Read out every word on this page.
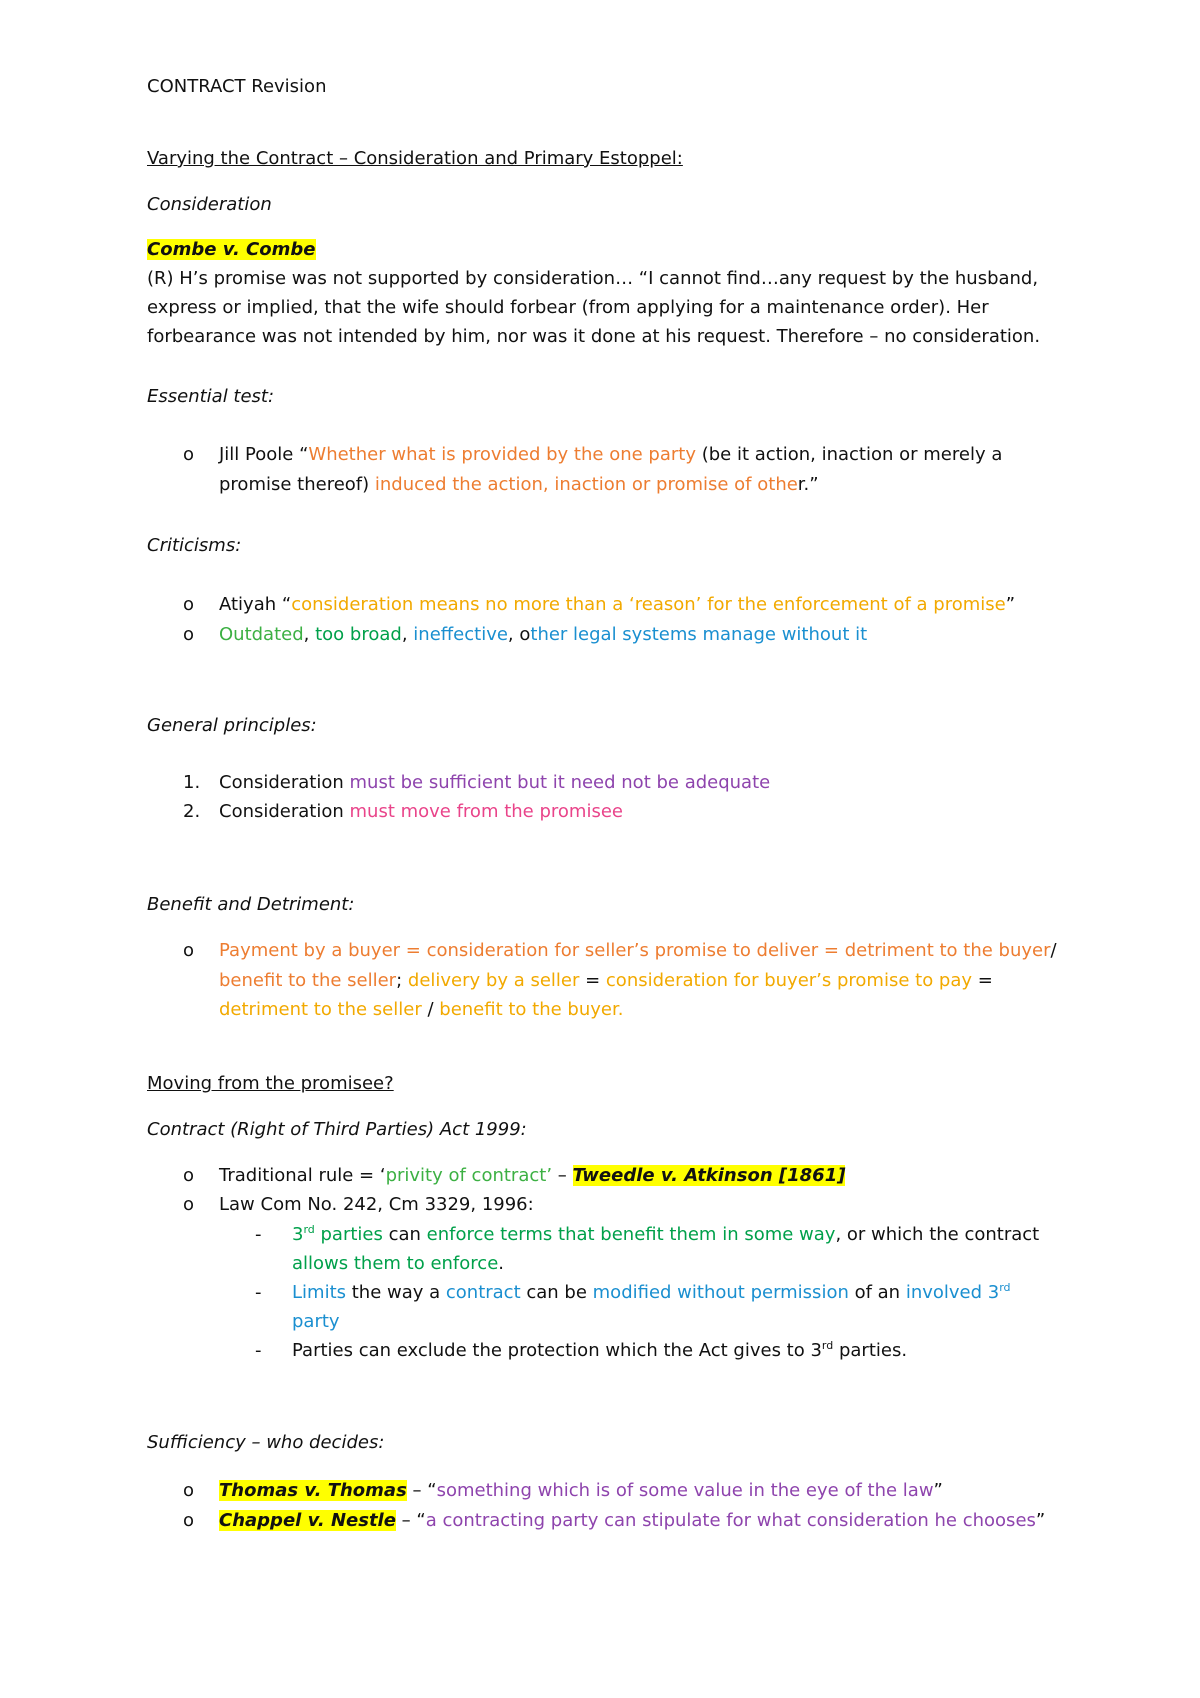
CONTRACT Revision
Varying the Contract – Consideration and Primary Estoppel:
Consideration
Combe v. Combe
(R) H’s promise was not supported by consideration… “I cannot find…any request by the husband,
express or implied, that the wife should forbear (from applying for a maintenance order). Her
forbearance was not intended by him, nor was it done at his request. Therefore – no consideration.
Essential test:
o Jill Poole “Whether what is provided by the one party (be it action, inaction or merely a
promise thereof) induced the action, inaction or promise of other.”
Criticisms:
o Atiyah “consideration means no more than a ‘reason’ for the enforcement of a promise”
o Outdated, too broad, ineffective, other legal systems manage without it
General principles:
1. Consideration must be sufficient but it need not be adequate
2. Consideration must move from the promisee
Benefit and Detriment:
o Payment by a buyer = consideration for seller’s promise to deliver = detriment to the buyer/
benefit to the seller; delivery by a seller = consideration for buyer’s promise to pay =
detriment to the seller / benefit to the buyer.
Moving from the promisee?
Contract (Right of Third Parties) Act 1999:
o Traditional rule = ‘privity of contract’ – Tweedle v. Atkinson [1861]
o Law Com No. 242, Cm 3329, 1996:
- 3rd parties can enforce terms that benefit them in some way, or which the contract
allows them to enforce.
- Limits the way a contract can be modified without permission of an involved 3rd
party
- Parties can exclude the protection which the Act gives to 3rd parties.
Sufficiency – who decides:
o Thomas v. Thomas – “something which is of some value in the eye of the law”
o Chappel v. Nestle – “a contracting party can stipulate for what consideration he chooses”
